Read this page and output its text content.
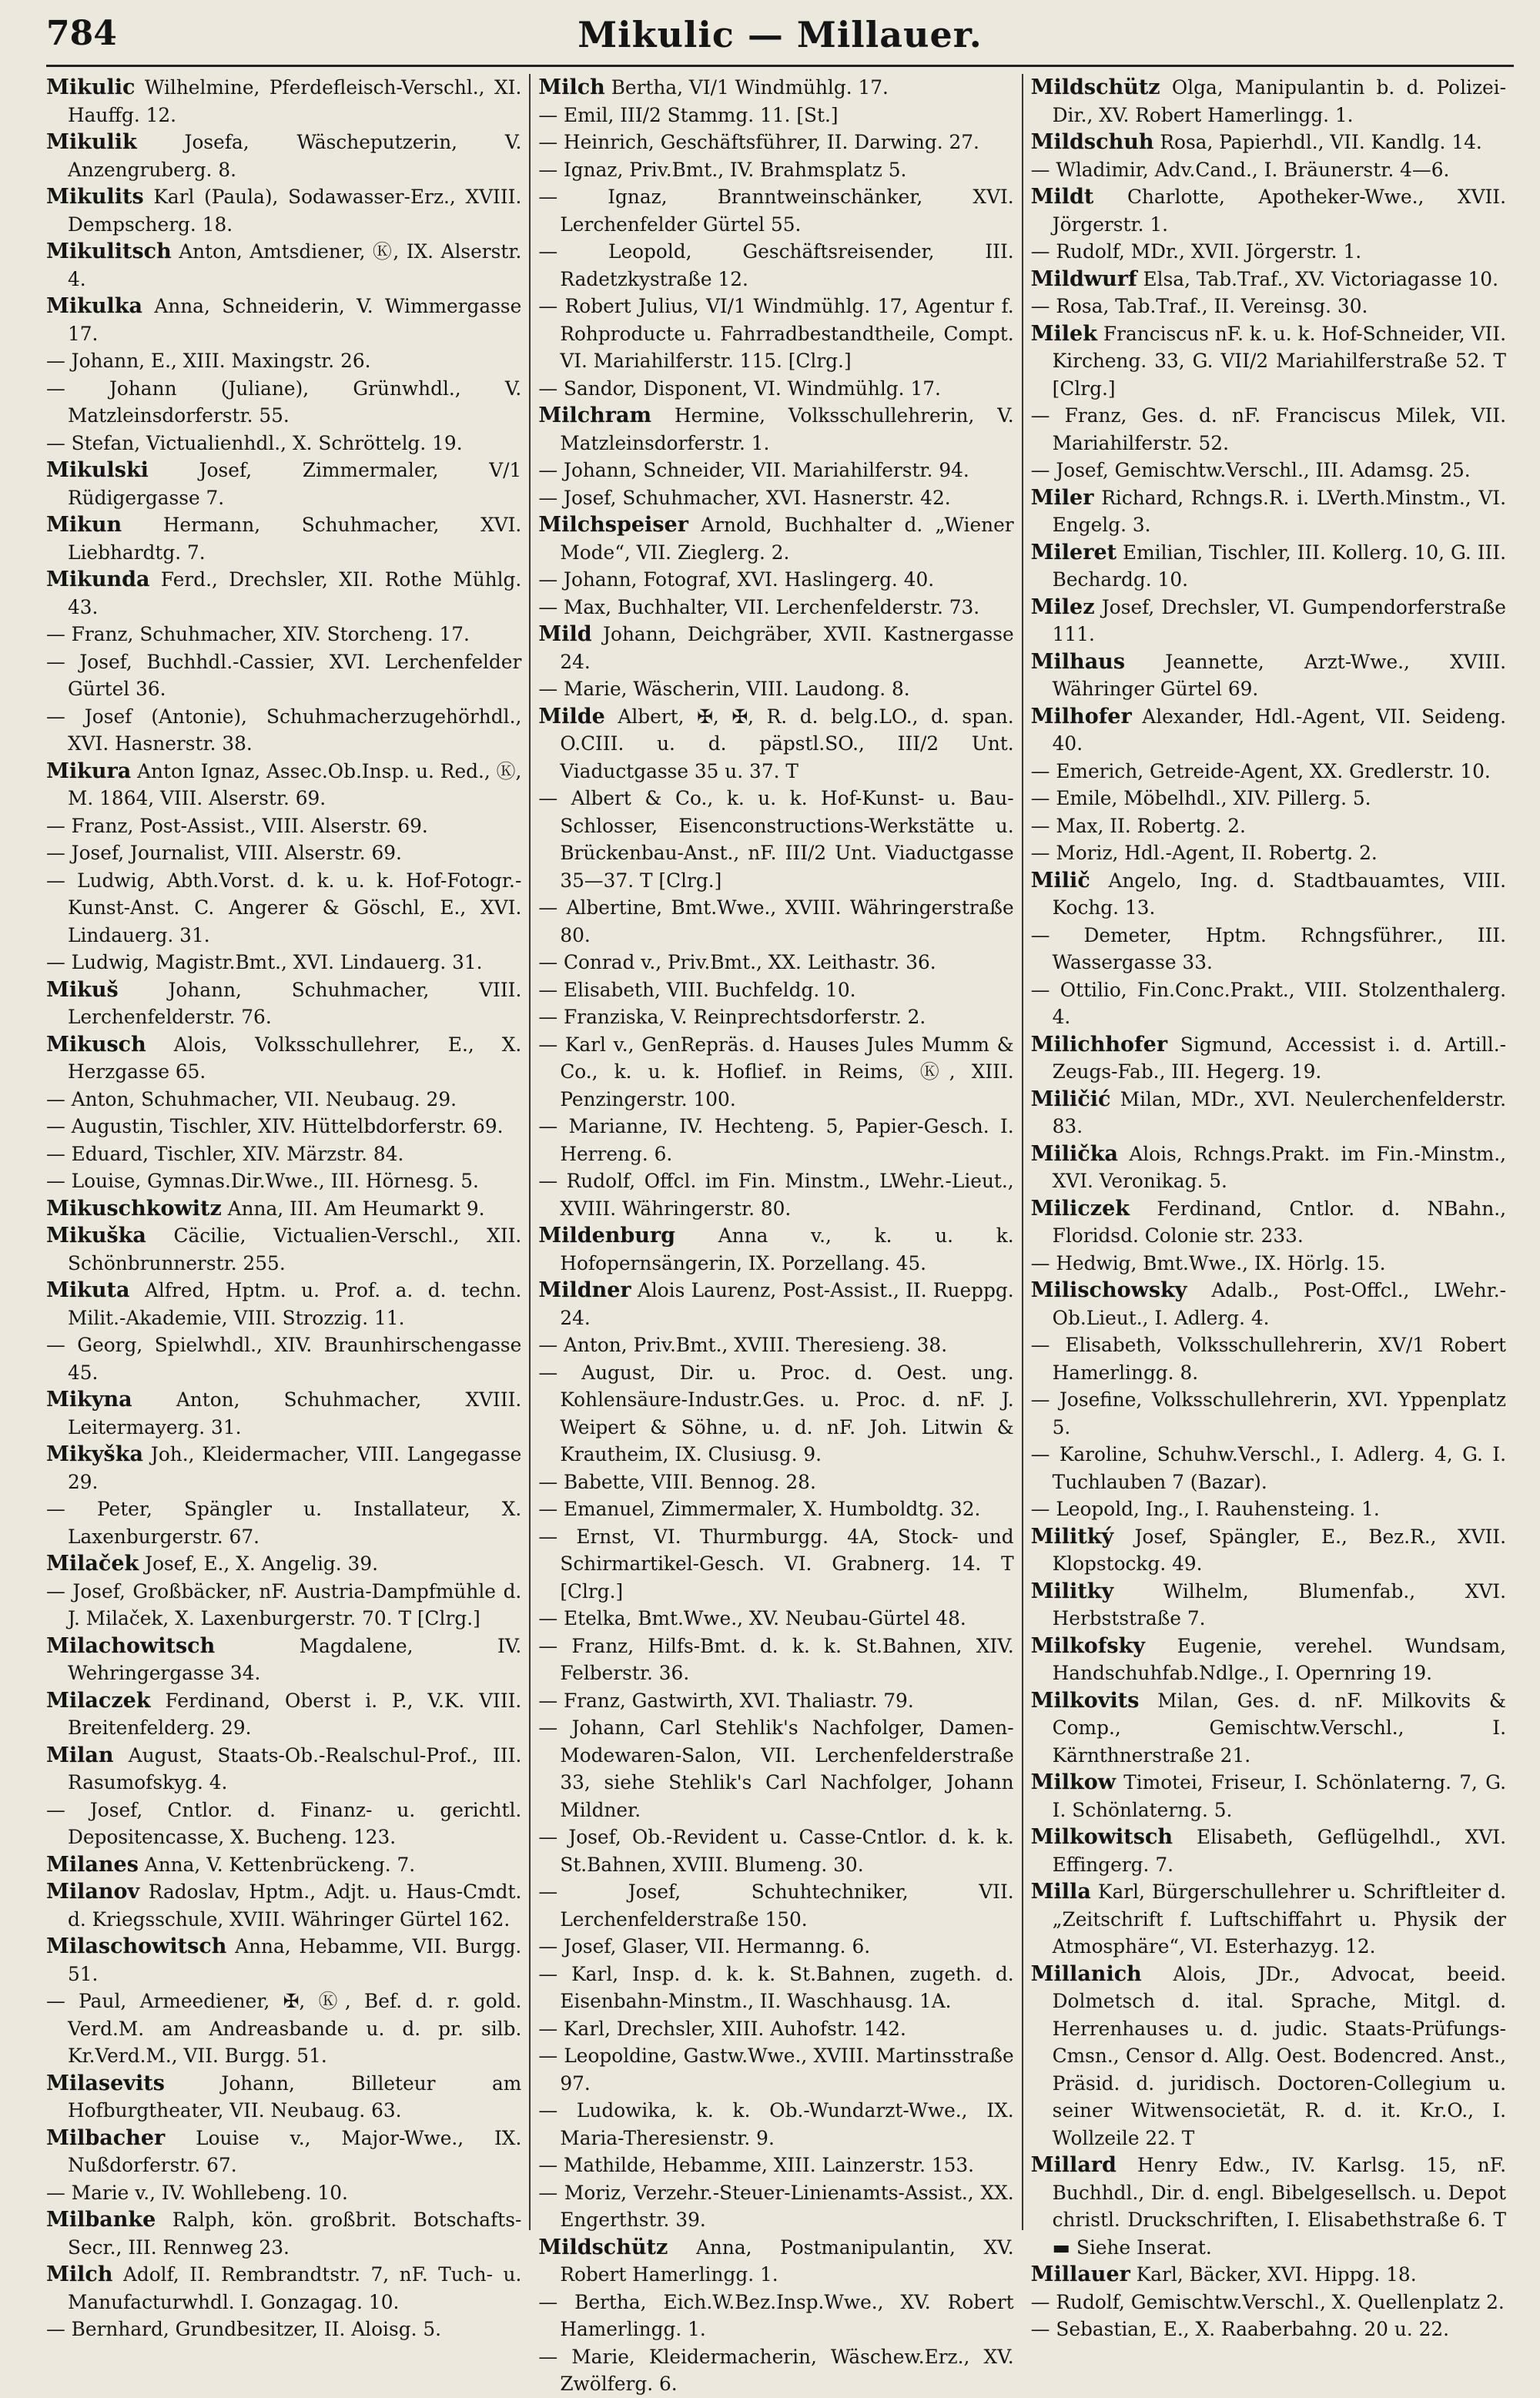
784	Mikulic — Millauer.

Mikulic Wilhelmine, Pferdefleisch-Verschl., XI. Hauffg. 12.

Mikulik Josefa, Wäscheputzerin, V. Anzengruberg. 8.

Mikulits Karl (Paula), Sodawasser-Erz., XVIII. Dempscherg. 18.

Mikulitsch Anton, Amtsdiener, Ⓚ, IX. Alserstr. 4.

Mikulka Anna, Schneiderin, V. Wimmergasse 17.

— Johann, E., XIII. Maxingstr. 26.

— Johann (Juliane), Grünwhdl., V. Matzleinsdorferstr. 55.

— Stefan, Victualienhdl., X. Schröttelg. 19.

Mikulski	Josef, Zimmermaler, V/1 Rüdigergasse 7.

Mikun Hermann, Schuhmacher, XVI. Liebhardtg. 7.

Mikunda Ferd., Drechsler, XII. Rothe Mühlg. 43.

— Franz, Schuhmacher, XIV. Storcheng. 17.

— Josef, Buchhdl.-Cassier, XVI. Lerchenfelder Gürtel 36.

— Josef (Antonie), Schuhmacherzugehörhdl., XVI. Hasnerstr. 38.

Mikura Anton Ignaz, Assec.Ob.Insp. u. Red., Ⓚ, M. 1864, VIII. Alserstr. 69.

— Franz, Post-Assist., VIII. Alserstr. 69.

— Josef, Journalist, VIII. Alserstr. 69.

— Ludwig, Abth.Vorst. d. k. u. k. Hof-Fotogr.-Kunst-Anst. C. Angerer & Göschl, E., XVI. Lindauerg. 31.

— Ludwig, Magistr.Bmt., XVI. Lindauerg. 31.

Mikuš	Johann, Schuhmacher, VIII. Lerchenfelderstr. 76.

Mikusch Alois, Volksschullehrer, E., X. Herzgasse 65.

— Anton, Schuhmacher, VII. Neubaug. 29.

— Augustin, Tischler, XIV. Hüttelbdorferstr. 69.

— Eduard, Tischler, XIV. Märzstr. 84.

— Louise, Gymnas.Dir.Wwe., III. Hörnesg. 5.

Mikuschkowitz Anna, III. Am Heumarkt 9.

Mikuška Cäcilie, Victualien-Verschl., XII. Schönbrunnerstr. 255.

Mikuta Alfred, Hptm. u. Prof. a. d. techn. Milit.-Akademie, VIII. Strozzig. 11.

— Georg, Spielwhdl., XIV. Braunhirschengasse 45.

Mikyna Anton, Schuhmacher, XVIII. Leitermayerg. 31.

Mikyška Joh., Kleidermacher, VIII. Langegasse 29.

— Peter, Spängler u. Installateur, X. Laxenburgerstr. 67.

Milaček Josef, E., X. Angelig. 39.

— Josef, Großbäcker, nF. Austria-Dampfmühle d. J. Milaček, X. Laxenburgerstr. 70. T [Clrg.]

Milachowitsch	Magdalene, IV. Wehringergasse 34.

Milaczek Ferdinand, Oberst i. P., V.K. VIII. Breitenfelderg. 29.

Milan August, Staats-Ob.-Realschul-Prof., III. Rasumofskyg. 4.

— Josef, Cntlor. d. Finanz- u. gerichtl. Depositencasse, X. Bucheng. 123.

Milanes Anna, V. Kettenbrückeng. 7.

Milanov Radoslav, Hptm., Adjt. u. Haus-Cmdt. d. Kriegsschule, XVIII. Währinger Gürtel 162.

Milaschowitsch Anna, Hebamme, VII. Burgg. 51.

— Paul, Armeediener, ✠, Ⓚ, Bef. d. r. gold. Verd.M. am Andreasbande u. d. pr. silb. Kr.Verd.M., VII. Burgg. 51.

Milasevits	Johann, Billeteur am Hofburgtheater, VII. Neubaug. 63.

Milbacher Louise v., Major-Wwe., IX. Nußdorferstr. 67.

— Marie v., IV. Wohllebeng. 10.

Milbanke Ralph, kön. großbrit. Botschafts-Secr., III. Rennweg 23.

Milch Adolf, II. Rembrandtstr. 7, nF. Tuch- u. Manufacturwhdl. I. Gonzagag. 10.

— Bernhard, Grundbesitzer, II. Aloisg. 5.

Milch Bertha, VI/1 Windmühlg. 17.

— Emil, III/2 Stammg. 11. [St.]

— Heinrich, Geschäftsführer, II. Darwing. 27.

— Ignaz, Priv.Bmt., IV. Brahmsplatz 5.

— Ignaz, Branntweinschänker, XVI. Lerchenfelder Gürtel 55.

— Leopold, Geschäftsreisender, III. Radetzkystraße 12.

— Robert Julius, VI/1 Windmühlg. 17, Agentur f. Rohproducte u. Fahrradbestandtheile, Compt. VI. Mariahilferstr. 115. [Clrg.]

— Sandor, Disponent, VI. Windmühlg. 17.

Milchram Hermine, Volksschullehrerin, V. Matzleinsdorferstr. 1.

— Johann, Schneider, VII. Mariahilferstr. 94.

— Josef, Schuhmacher, XVI. Hasnerstr. 42.

Milchspeiser Arnold, Buchhalter d. „Wiener Mode“, VII. Zieglerg. 2.

— Johann, Fotograf, XVI. Haslingerg. 40.

— Max, Buchhalter, VII. Lerchenfelderstr. 73.

Mild Johann, Deichgräber, XVII. Kastnergasse 24.

— Marie, Wäscherin, VIII. Laudong. 8.

Milde Albert, ✠, ✠, R. d. belg.LO., d. span. O.CIII. u. d. päpstl.SO., III/2 Unt. Viaductgasse 35 u. 37. T

— Albert & Co., k. u. k. Hof-Kunst- u. Bau-Schlosser, Eisenconstructions-Werkstätte u. Brückenbau-Anst., nF. III/2 Unt. Viaductgasse 35—37. T [Clrg.]

— Albertine, Bmt.Wwe., XVIII. Währingerstraße 80.

— Conrad v., Priv.Bmt., XX. Leithastr. 36.

— Elisabeth, VIII. Buchfeldg. 10.

— Franziska, V. Reinprechtsdorferstr. 2.

— Karl v., GenRepräs. d. Hauses Jules Mumm & Co., k. u. k. Hoflief. in Reims, Ⓚ, XIII. Penzingerstr. 100.

— Marianne, IV. Hechteng. 5, Papier-Gesch. I. Herreng. 6.

— Rudolf, Offcl. im Fin. Minstm., LWehr.-Lieut., XVIII. Währingerstr. 80.

Mildenburg Anna v., k. u. k. Hofopernsängerin, IX. Porzellang. 45.

Mildner Alois Laurenz, Post-Assist., II. Rueppg. 24.

— Anton, Priv.Bmt., XVIII. Theresieng. 38.

— August, Dir. u. Proc. d. Oest. ung. Kohlensäure-Industr.Ges. u. Proc. d. nF. J. Weipert & Söhne, u. d. nF. Joh. Litwin & Krautheim, IX. Clusiusg. 9.

— Babette, VIII. Bennog. 28.

— Emanuel, Zimmermaler, X. Humboldtg. 32.

— Ernst, VI. Thurmburgg. 4A, Stock- und Schirmartikel-Gesch. VI. Grabnerg. 14. T [Clrg.]

— Etelka, Bmt.Wwe., XV. Neubau-Gürtel 48.

— Franz, Hilfs-Bmt. d. k. k. St.Bahnen, XIV. Felberstr. 36.

— Franz, Gastwirth, XVI. Thaliastr. 79.

— Johann, Carl Stehlik's Nachfolger, Damen-Modewaren-Salon, VII. Lerchenfelderstraße 33, siehe Stehlik's Carl Nachfolger, Johann Mildner.

— Josef, Ob.-Revident u. Casse-Cntlor. d. k. k. St.Bahnen, XVIII. Blumeng. 30.

— Josef, Schuhtechniker, VII. Lerchenfelderstraße 150.

— Josef, Glaser, VII. Hermanng. 6.

— Karl, Insp. d. k. k. St.Bahnen, zugeth. d. Eisenbahn-Minstm., II. Waschhausg. 1A.

— Karl, Drechsler, XIII. Auhofstr. 142.

— Leopoldine, Gastw.Wwe., XVIII. Martinsstraße 97.

— Ludowika, k. k. Ob.-Wundarzt-Wwe., IX. Maria-Theresienstr. 9.

— Mathilde, Hebamme, XIII. Lainzerstr. 153.

— Moriz, Verzehr.-Steuer-Linienamts-Assist., XX. Engerthstr. 39.

Mildschütz Anna, Postmanipulantin, XV. Robert Hamerlingg. 1.

— Bertha, Eich.W.Bez.Insp.Wwe., XV. Robert Hamerlingg. 1.

— Marie, Kleidermacherin, Wäschew.Erz., XV. Zwölferg. 6.

Mildschütz Olga, Manipulantin b. d. Polizei-Dir., XV. Robert Hamerlingg. 1.

Mildschuh Rosa, Papierhdl., VII. Kandlg. 14.

— Wladimir, Adv.Cand., I. Bräunerstr. 4—6.

Mildt Charlotte, Apotheker-Wwe., XVII. Jörgerstr. 1.

— Rudolf, MDr., XVII. Jörgerstr. 1.

Mildwurf Elsa, Tab.Traf., XV. Victoriagasse 10.

— Rosa, Tab.Traf., II. Vereinsg. 30.

Milek Franciscus nF. k. u. k. Hof-Schneider, VII. Kircheng. 33, G. VII/2 Mariahilferstraße 52. T [Clrg.]

— Franz, Ges. d. nF. Franciscus Milek, VII. Mariahilferstr. 52.

— Josef, Gemischtw.Verschl., III. Adamsg. 25.

Miler Richard, Rchngs.R. i. LVerth.Minstm., VI. Engelg. 3.

Mileret Emilian, Tischler, III. Kollerg. 10, G. III. Bechardg. 10.

Milez Josef, Drechsler, VI. Gumpendorferstraße 111.

Milhaus Jeannette, Arzt-Wwe., XVIII. Währinger Gürtel 69.

Milhofer Alexander, Hdl.-Agent, VII. Seideng. 40.

— Emerich, Getreide-Agent, XX. Gredlerstr. 10.

— Emile, Möbelhdl., XIV. Pillerg. 5.

— Max, II. Robertg. 2.

— Moriz, Hdl.-Agent, II. Robertg. 2.

Milič Angelo, Ing. d. Stadtbauamtes, VIII. Kochg. 13.

— Demeter, Hptm. Rchngsführer., III. Wassergasse 33.

— Ottilio, Fin.Conc.Prakt., VIII. Stolzenthalerg. 4.

Milichhofer Sigmund, Accessist i. d. Artill.-Zeugs-Fab., III. Hegerg. 19.

Miličić Milan, MDr., XVI. Neulerchenfelderstr. 83.

Milička Alois, Rchngs.Prakt. im Fin.-Minstm., XVI. Veronikag. 5.

Miliczek Ferdinand, Cntlor. d. NBahn., Floridsd. Colonie str. 233.

— Hedwig, Bmt.Wwe., IX. Hörlg. 15.

Milischowsky Adalb., Post-Offcl., LWehr.-Ob.Lieut., I. Adlerg. 4.

— Elisabeth, Volksschullehrerin, XV/1 Robert Hamerlingg. 8.

— Josefine, Volksschullehrerin, XVI. Yppenplatz 5.

— Karoline, Schuhw.Verschl., I. Adlerg. 4, G. I. Tuchlauben 7 (Bazar).

— Leopold, Ing., I. Rauhensteing. 1.

Militký Josef, Spängler, E., Bez.R., XVII. Klopstockg. 49.

Militky	Wilhelm, Blumenfab., XVI. Herbststraße 7.

Milkofsky Eugenie, verehel. Wundsam, Handschuhfab.Ndlge., I. Opernring 19.

Milkovits Milan, Ges. d. nF. Milkovits & Comp., Gemischtw.Verschl., I. Kärnthnerstraße 21.

Milkow Timotei, Friseur, I. Schönlaterng. 7, G. I. Schönlaterng. 5.

Milkowitsch Elisabeth, Geflügelhdl., XVI. Effingerg. 7.

Milla Karl, Bürgerschullehrer u. Schriftleiter d. „Zeitschrift f. Luftschiffahrt u. Physik der Atmosphäre“, VI. Esterhazyg. 12.

Millanich Alois, JDr., Advocat, beeid. Dolmetsch d. ital. Sprache, Mitgl. d. Herrenhauses u. d. judic. Staats-Prüfungs-Cmsn., Censor d. Allg. Oest. Bodencred. Anst., Präsid. d. juridisch. Doctoren-Collegium u. seiner Witwensocietät, R. d. it. Kr.O., I. Wollzeile 22. T

Millard Henry Edw., IV. Karlsg. 15, nF. Buchhdl., Dir. d. engl. Bibelgesellsch. u. Depot christl. Druckschriften, I. Elisabethstraße 6. T ▬ Siehe Inserat.

Millauer Karl, Bäcker, XVI. Hippg. 18.

— Rudolf, Gemischtw.Verschl., X. Quellenplatz 2.

— Sebastian, E., X. Raaberbahng. 20 u. 22.
